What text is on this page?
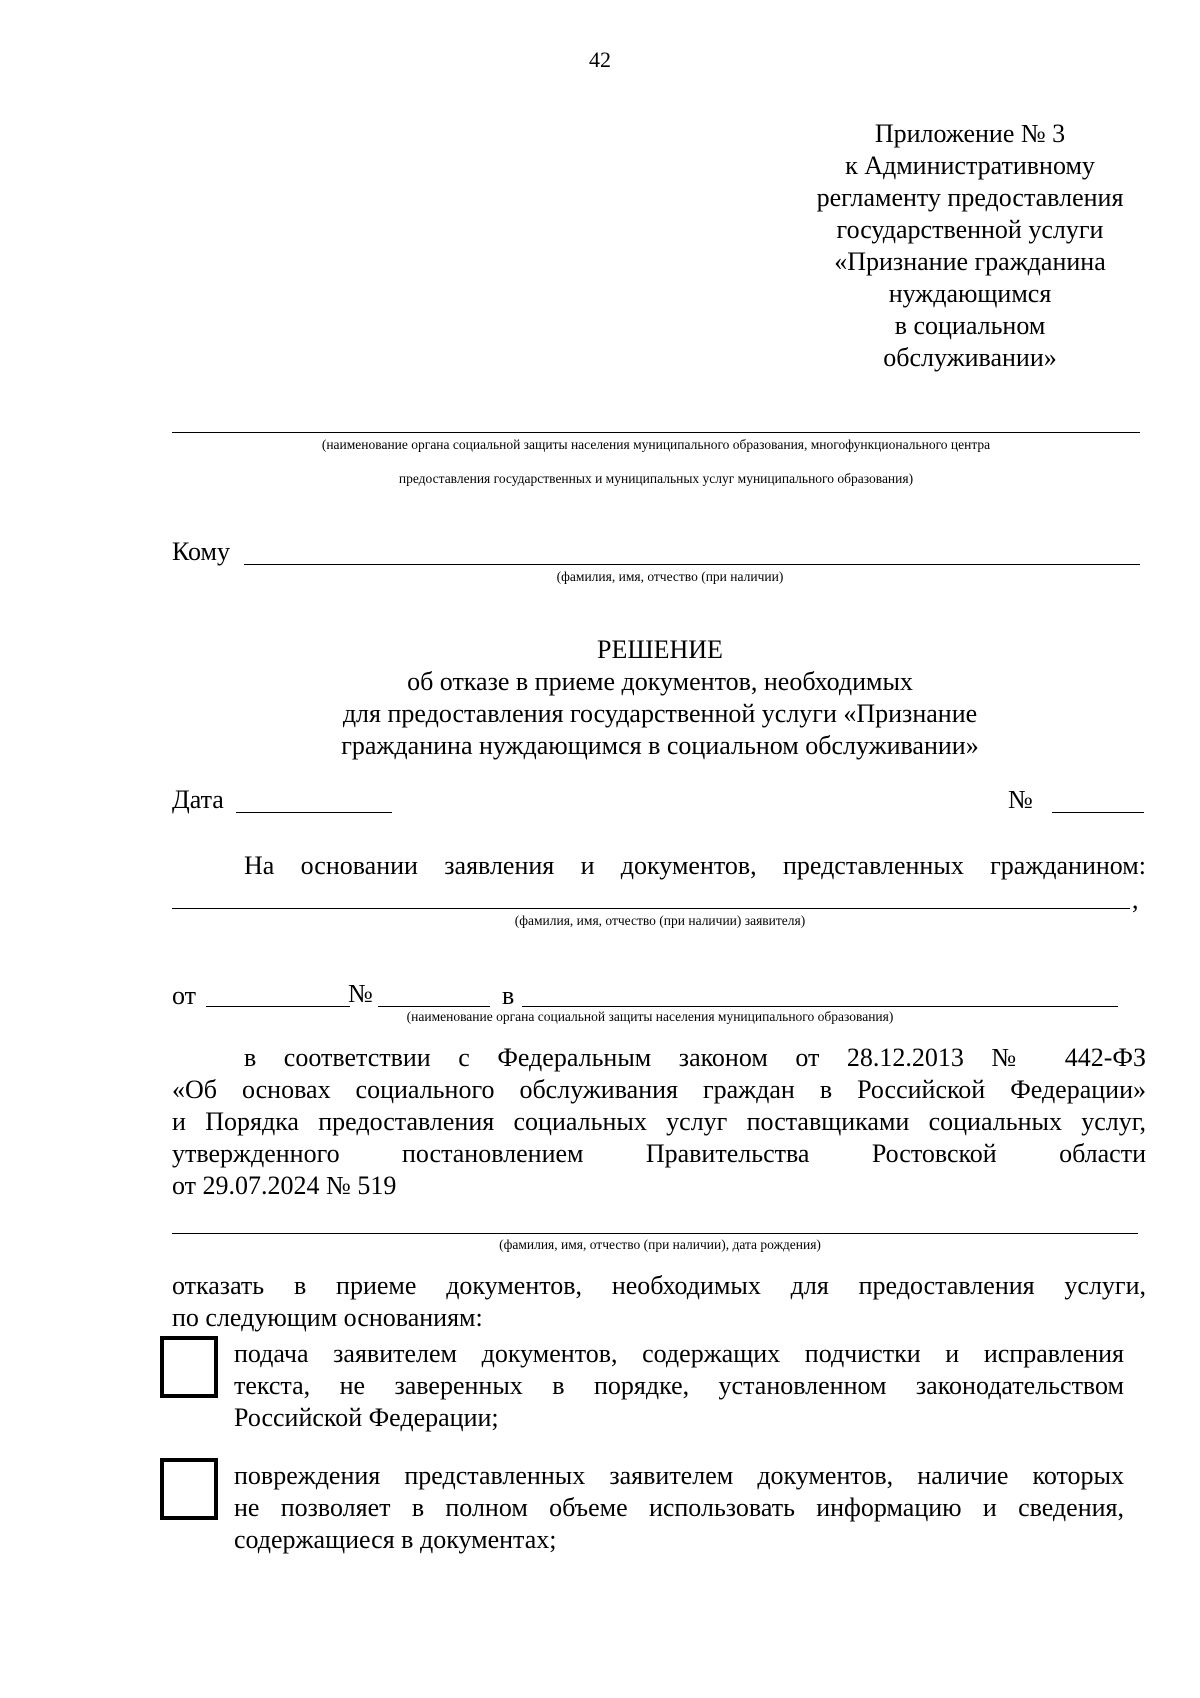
42
Приложение № 3
к Административному
регламенту предоставления
государственной услуги
«Признание гражданина
нуждающимся
в социальном
обслуживании»
(наименование органа социальной защиты населения муниципального образования, многофункционального центра
предоставления государственных и муниципальных услуг муниципального образования)
Кому
(фамилия, имя, отчество (при наличии)
РЕШЕНИЕ
об отказе в приеме документов, необходимых
для предоставления государственной услуги «Признание
гражданина нуждающимся в социальном обслуживании»
Дата	№
На основании заявления и документов, представленных гражданином:
,
(фамилия, имя, отчество (при наличии) заявителя)
от	№	в
(наименование органа социальной защиты населения муниципального образования)
в соответствии с Федеральным законом от 28.12.2013 № 442-ФЗ
«Об основах социального обслуживания граждан в Российской Федерации»
и Порядка предоставления социальных услуг поставщиками социальных услуг,
утвержденного постановлением Правительства Ростовской области
от 29.07.2024 № 519
(фамилия, имя, отчество (при наличии), дата рождения)
отказать в приеме документов, необходимых для предоставления услуги,
по следующим основаниям:
подача заявителем документов, содержащих подчистки и исправления
текста, не заверенных в порядке, установленном законодательством
Российской Федерации;
повреждения представленных заявителем документов, наличие которых
не позволяет в полном объеме использовать информацию и сведения,
содержащиеся в документах;
